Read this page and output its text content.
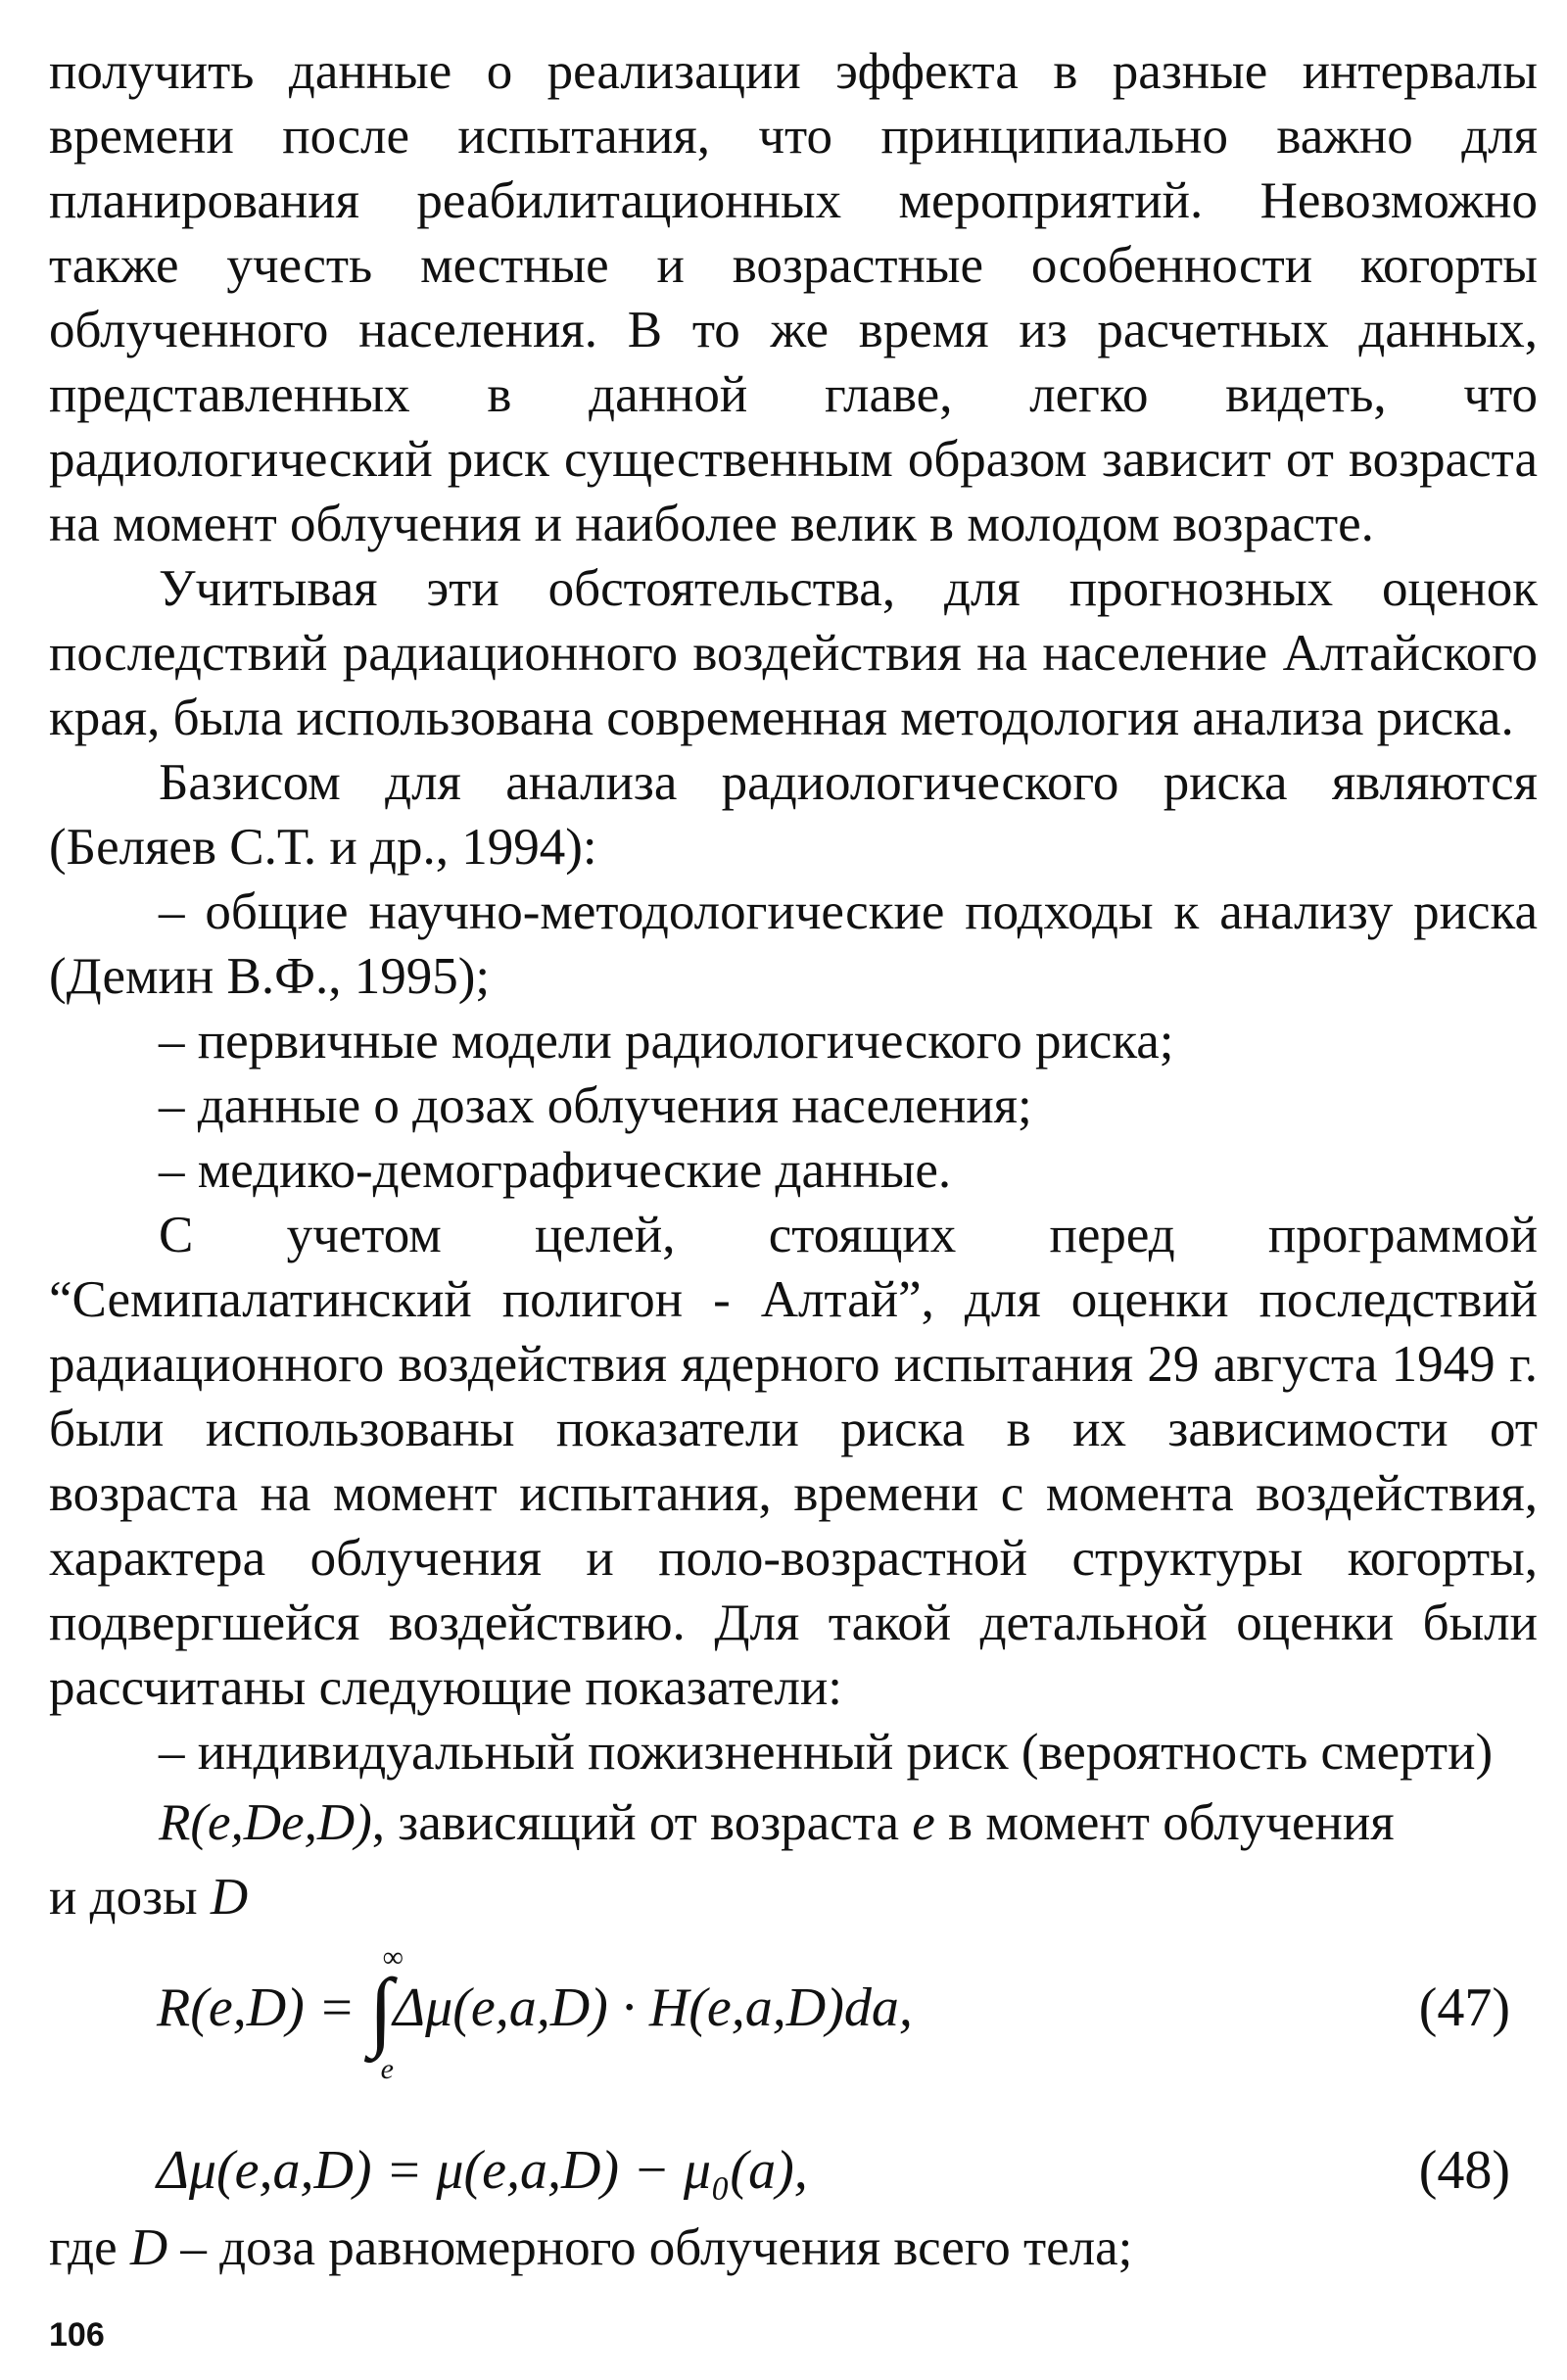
получить данные о реализации эффекта в разные интервалы времени после испытания, что принципиально важно для планирования реабилитационных мероприятий. Невозможно также учесть местные и возрастные особенности когорты облученного населения. В то же время из расчетных данных, представленных в данной главе, легко видеть, что радиологический риск существенным образом зависит от возраста на момент облучения и наиболее велик в молодом возрасте.

Учитывая эти обстоятельства, для прогнозных оценок последствий радиационного воздействия на население Алтайского края, была использована современная методология анализа риска.

Базисом для анализа радиологического риска являются (Беляев С.Т. и др., 1994):

– общие научно-методологические подходы к анализу риска (Демин В.Ф., 1995);

– первичные модели радиологического риска;

– данные о дозах облучения населения;

– медико-демографические данные.

С учетом целей, стоящих перед программой “Семипалатинский полигон - Алтай”, для оценки последствий радиационного воздействия ядерного испытания 29 августа 1949 г. были использованы показатели риска в их зависимости от возраста на момент испытания, времени с момента воздействия, характера облучения и поло-возрастной структуры когорты, подвергшейся воздействию. Для такой детальной оценки были рассчитаны следующие показатели:

– индивидуальный пожизненный риск (вероятность смерти)

R(e,De,D), зависящий от возраста e в момент облучения

и дозы D

R(e,D) =
∞
∫
e
Δμ(e,a,D) · H(e,a,D)da,	(47)
Δμ(e,a,D) = μ(e,a,D) − μ₀(a),	(48)

где D – доза равномерного облучения всего тела;

106
